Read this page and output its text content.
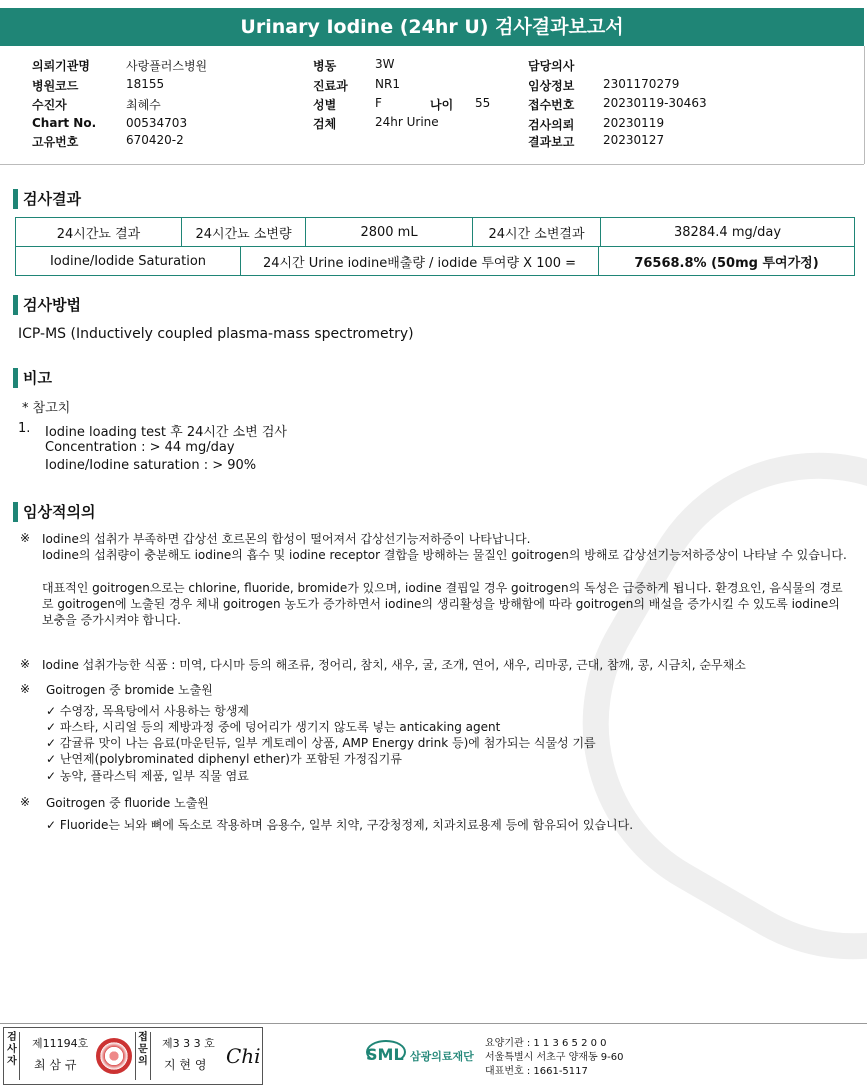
Urinary Iodine (24hr U) 검사결과보고서
의뢰기관명	사랑플러스병원
병원코드	18155
수진자	최혜수
Chart No. 00534703
고유번호	670420-2
병동	3W
진료과 NR1
성별	F	나이 55
검체	24hr Urine
담당의사
임상정보 2301170279
접수번호 20230119-30463
검사의뢰 20230119
결과보고 20230127
검사결과
24시간뇨 결과	24시간뇨 소변량	2800 mL	24시간 소변결과	38284.4 mg/day
Iodine/Iodide Saturation	24시간 Urine iodine배출량 / iodide 투여량 X 100 =	76568.8% (50mg 투여가정)
검사방법
ICP-MS (Inductively coupled plasma-mass spectrometry)
비고
* 참고치
1. Iodine loading test 후 24시간 소변 검사
Concentration : > 44 mg/day
Iodine/Iodine saturation : > 90%
임상적의의
※ Iodine의 섭취가 부족하면 갑상선 호르몬의 합성이 떨어져서 갑상선기능저하증이 나타납니다.
Iodine의 섭취량이 충분해도 iodine의 흡수 및 iodine receptor 결합을 방해하는 물질인 goitrogen의 방해로 갑상선기능저하증상이 나타날 수 있습니다.
대표적인 goitrogen으로는 chlorine, fluoride, bromide가 있으며, iodine 결핍일 경우 goitrogen의 독성은 급증하게 됩니다. 환경요인, 음식물의 경로로 goitrogen에 노출된 경우 체내 goitrogen 농도가 증가하면서 iodine의 생리활성을 방해함에 따라 goitrogen의 배설을 증가시킬 수 있도록 iodine의 보충을 증가시켜야 합니다.
※ Iodine 섭취가능한 식품 : 미역, 다시마 등의 해조류, 정어리, 참치, 새우, 굴, 조개, 연어, 새우, 리마콩, 근대, 참깨, 콩, 시금치, 순무채소
※ Goitrogen 중 bromide 노출원
✓ 수영장, 목욕탕에서 사용하는 항생제
✓ 파스타, 시리얼 등의 제방과정 중에 덩어리가 생기지 않도록 넣는 anticaking agent
✓ 감귤류 맛이 나는 음료(마운틴듀, 일부 게토레이 상품, AMP Energy drink 등)에 첨가되는 식물성 기름
✓ 난연제(polybrominated diphenyl ether)가 포함된 가정집기류
✓ 농약, 플라스틱 제품, 일부 직물 염료
※ Goitrogen 중 fluoride 노출원
✓ Fluoride는 뇌와 뼈에 독소로 작용하며 음용수, 일부 치약, 구강청정제, 치과치료용제 등에 함유되어 있습니다.
검사자
제11194호
최 삼 규
접문의
제3 3 3 호
지 현 영 Chi	SML 삼광의료재단
요양기관 : 1 1 3 6 5 2 0 0
서울특별시 서초구 양재동 9-60
대표번호 : 1661-5117
